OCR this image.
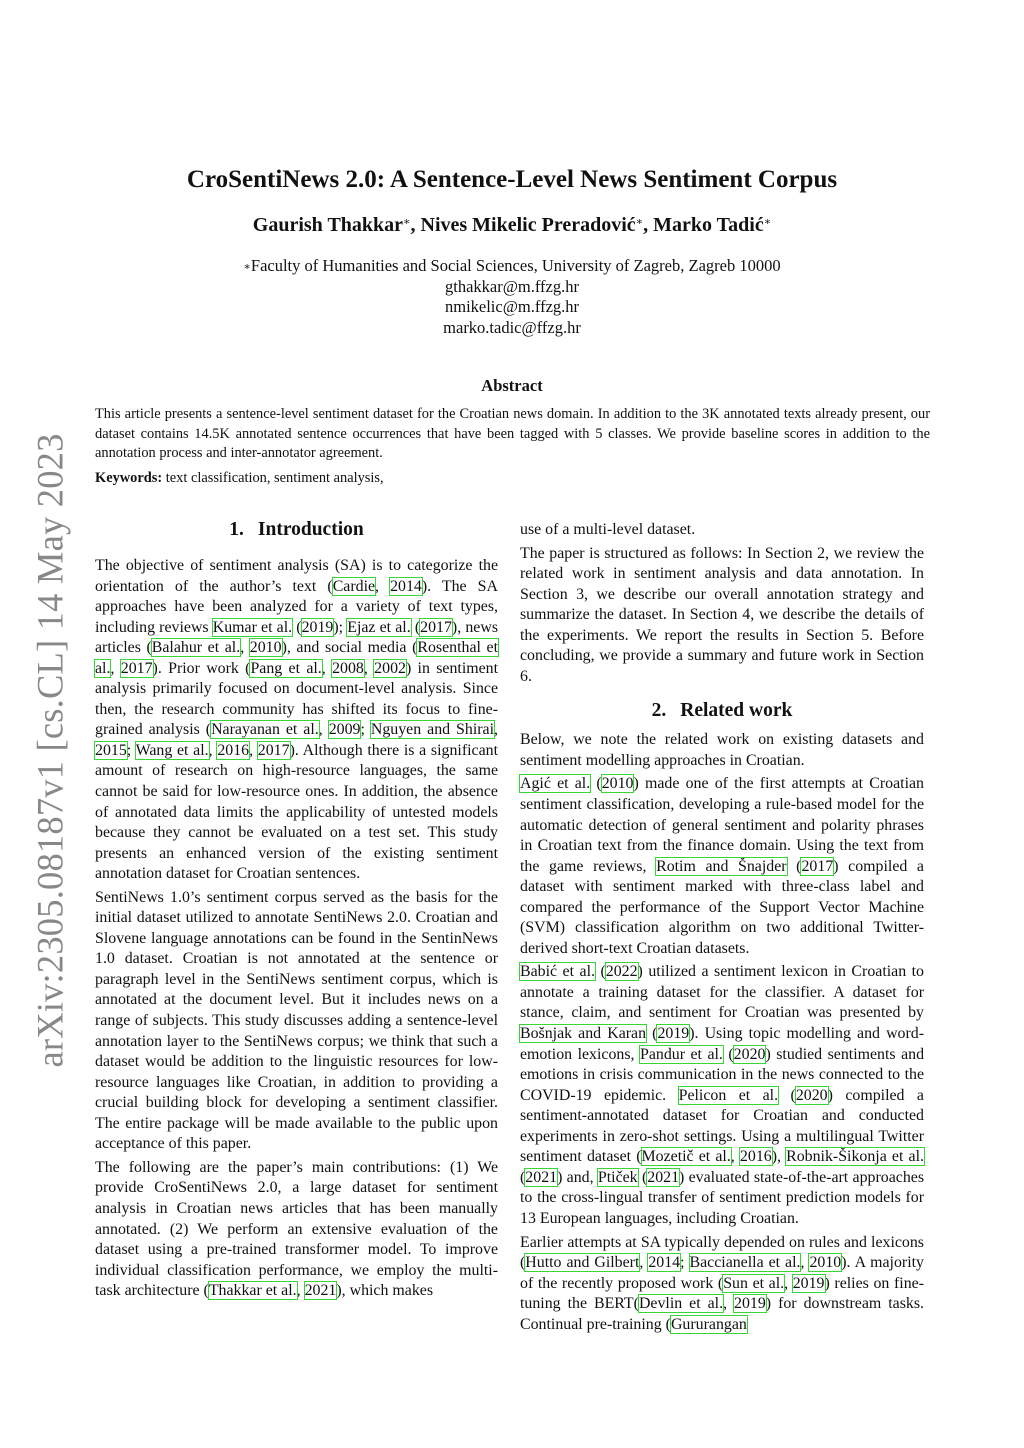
arXiv:2305.08187v1 [cs.CL] 14 May 2023
CroSentiNews 2.0: A Sentence-Level News Sentiment Corpus
Gaurish Thakkar∗, Nives Mikelic Preradović∗, Marko Tadić∗
∗Faculty of Humanities and Social Sciences, University of Zagreb, Zagreb 10000
gthakkar@m.ffzg.hr
nmikelic@m.ffzg.hr
marko.tadic@ffzg.hr
Abstract

This article presents a sentence-level sentiment dataset for the Croatian news domain. In addition to the 3K annotated texts already present, our dataset contains 14.5K annotated sentence occurrences that have been tagged with 5 classes. We provide baseline scores in addition to the annotation process and inter-annotator agreement.

Keywords: text classification, sentiment analysis,
1. Introduction

The objective of sentiment analysis (SA) is to categorize the orientation of the author’s text (Cardie, 2014). The SA approaches have been analyzed for a variety of text types, including reviews Kumar et al. (2019); Ejaz et al. (2017), news articles (Balahur et al., 2010), and social media (Rosenthal et al., 2017). Prior work (Pang et al., 2008, 2002) in sentiment analysis primarily focused on document-level analysis. Since then, the research community has shifted its focus to fine-grained analysis (Narayanan et al., 2009; Nguyen and Shirai, 2015; Wang et al., 2016, 2017). Although there is a significant amount of research on high-resource languages, the same cannot be said for low-resource ones. In addition, the absence of annotated data limits the applicability of untested models because they cannot be evaluated on a test set. This study presents an enhanced version of the existing sentiment annotation dataset for Croatian sentences.

SentiNews 1.0’s sentiment corpus served as the basis for the initial dataset utilized to annotate SentiNews 2.0. Croatian and Slovene language annotations can be found in the SentinNews 1.0 dataset. Croatian is not annotated at the sentence or paragraph level in the SentiNews sentiment corpus, which is annotated at the document level. But it includes news on a range of subjects. This study discusses adding a sentence-level annotation layer to the SentiNews corpus; we think that such a dataset would be addition to the linguistic resources for low-resource languages like Croatian, in addition to providing a crucial building block for developing a sentiment classifier. The entire package will be made available to the public upon acceptance of this paper.

The following are the paper’s main contributions: (1) We provide CroSentiNews 2.0, a large dataset for sentiment analysis in Croatian news articles that has been manually annotated. (2) We perform an extensive evaluation of the dataset using a pre-trained transformer model. To improve individual classification performance, we employ the multi-task architecture (Thakkar et al., 2021), which makes

use of a multi-level dataset.

The paper is structured as follows: In Section 2, we review the related work in sentiment analysis and data annotation. In Section 3, we describe our overall annotation strategy and summarize the dataset. In Section 4, we describe the details of the experiments. We report the results in Section 5. Before concluding, we provide a summary and future work in Section 6.

2. Related work

Below, we note the related work on existing datasets and sentiment modelling approaches in Croatian.

Agić et al. (2010) made one of the first attempts at Croatian sentiment classification, developing a rule-based model for the automatic detection of general sentiment and polarity phrases in Croatian text from the finance domain. Using the text from the game reviews, Rotim and Šnajder (2017) compiled a dataset with sentiment marked with three-class label and compared the performance of the Support Vector Machine (SVM) classification algorithm on two additional Twitter-derived short-text Croatian datasets.

Babić et al. (2022) utilized a sentiment lexicon in Croatian to annotate a training dataset for the classifier. A dataset for stance, claim, and sentiment for Croatian was presented by Bošnjak and Karan (2019). Using topic modelling and word-emotion lexicons, Pandur et al. (2020) studied sentiments and emotions in crisis communication in the news connected to the COVID-19 epidemic. Pelicon et al. (2020) compiled a sentiment-annotated dataset for Croatian and conducted experiments in zero-shot settings. Using a multilingual Twitter sentiment dataset (Mozetič et al., 2016), Robnik-Šikonja et al. (2021) and, Ptiček (2021) evaluated state-of-the-art approaches to the cross-lingual transfer of sentiment prediction models for 13 European languages, including Croatian.

Earlier attempts at SA typically depended on rules and lexicons (Hutto and Gilbert, 2014; Baccianella et al., 2010). A majority of the recently proposed work (Sun et al., 2019) relies on fine-tuning the BERT(Devlin et al., 2019) for downstream tasks. Continual pre-training (Gururangan
